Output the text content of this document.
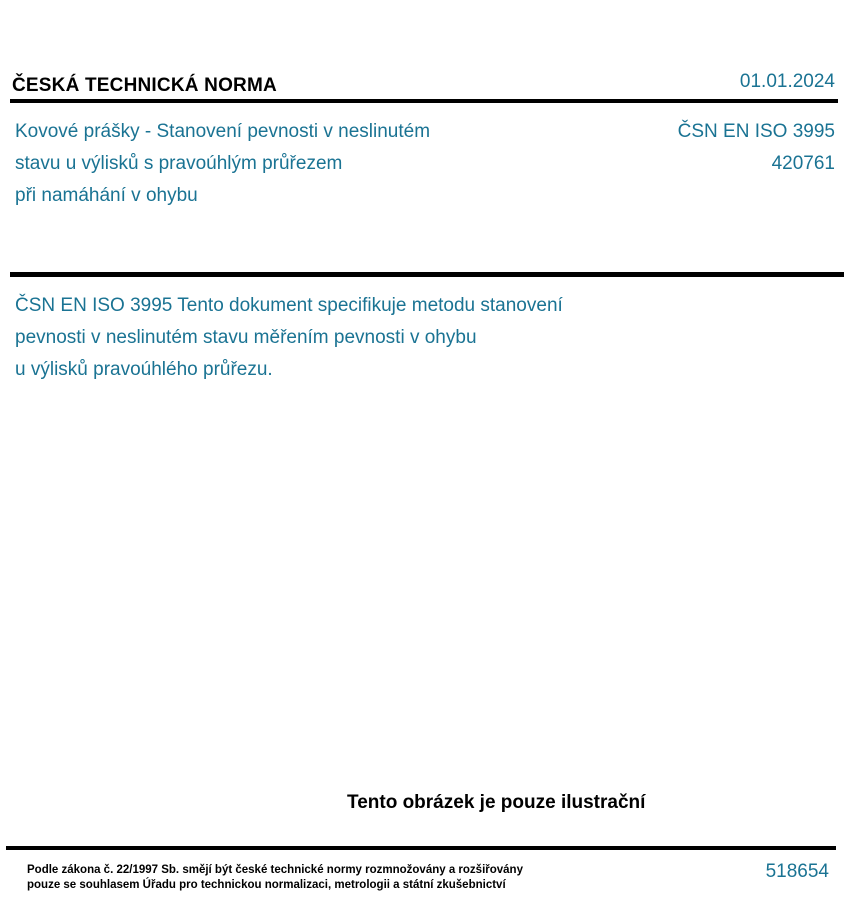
ČESKÁ TECHNICKÁ NORMA	01.01.2024
Kovové prášky - Stanovení pevnosti v neslinutém
stavu u výlisků s pravoúhlým průřezem
při namáhání v ohybu
ČSN EN ISO 3995
420761
ČSN EN ISO 3995 Tento dokument specifikuje metodu stanovení
pevnosti v neslinutém stavu měřením pevnosti v ohybu
u výlisků pravoúhlého průřezu.
Tento obrázek je pouze ilustrační
Podle zákona č. 22/1997 Sb. smějí být české technické normy rozmnožovány a rozšiřovány
pouze se souhlasem Úřadu pro technickou normalizaci, metrologii a státní zkušebnictví
518654
